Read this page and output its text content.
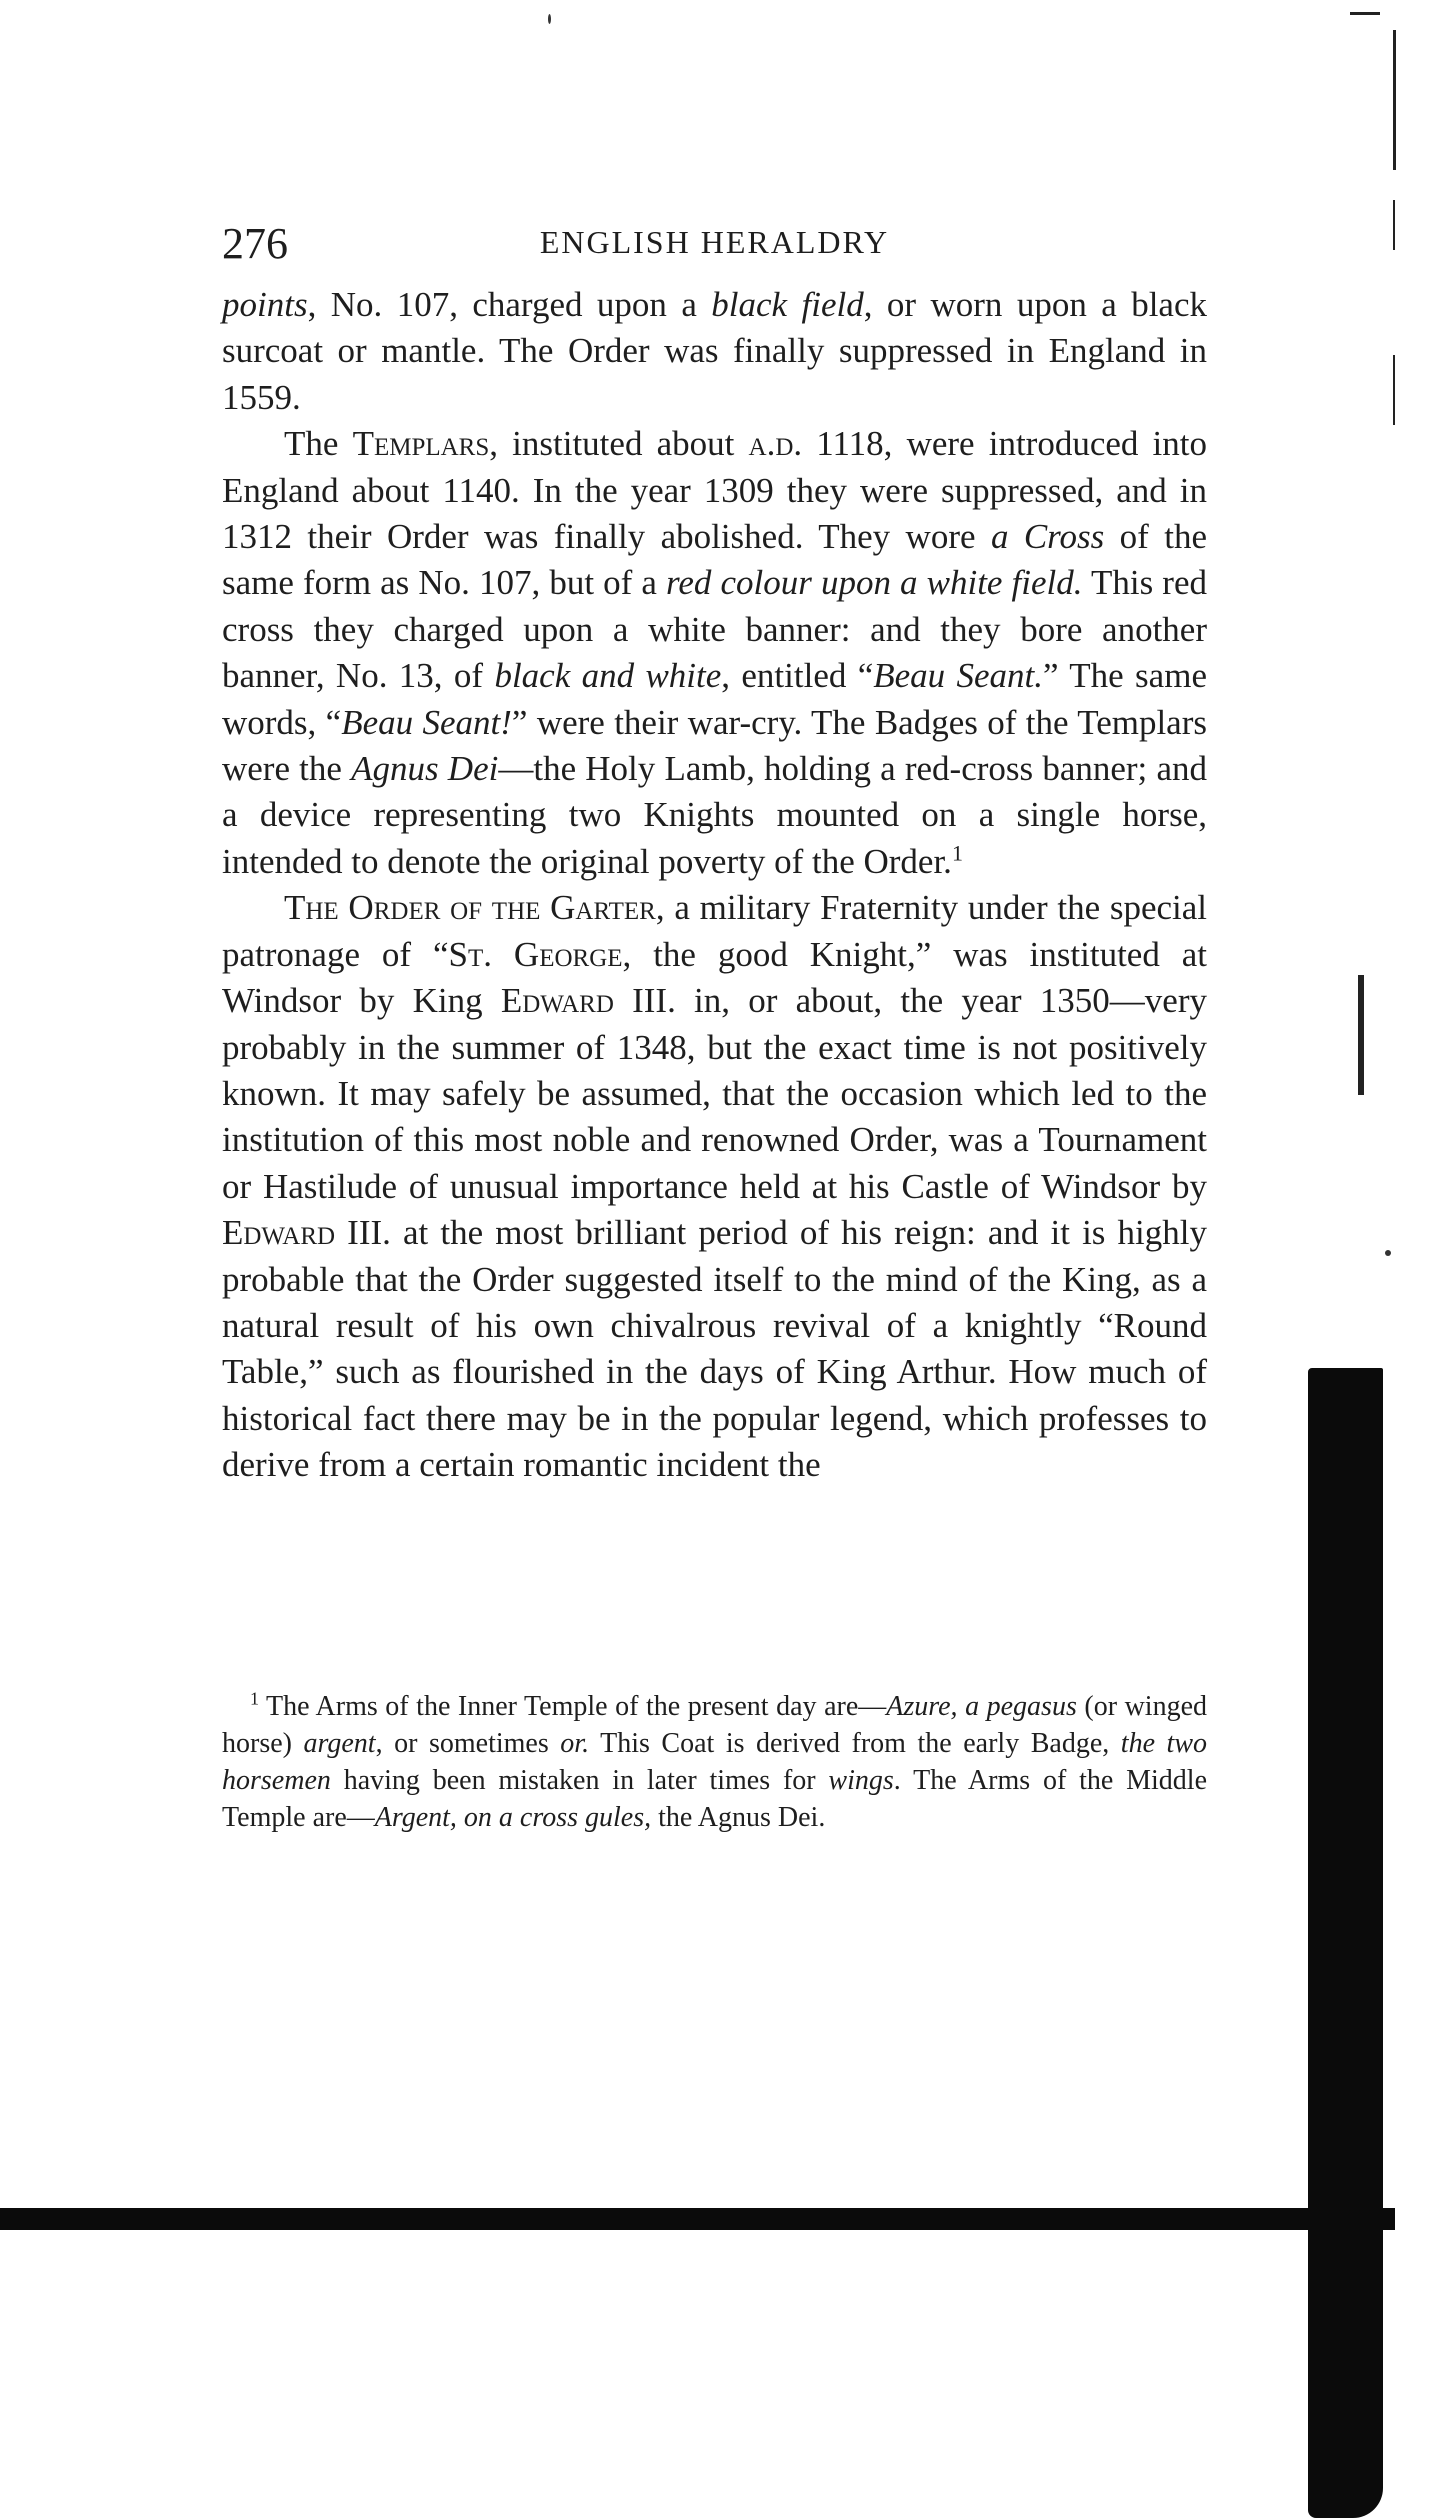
276	ENGLISH HERALDRY

points, No. 107, charged upon a black field, or worn upon a black surcoat or mantle. The Order was finally suppressed in England in 1559.

The Templars, instituted about a.d. 1118, were introduced into England about 1140. In the year 1309 they were suppressed, and in 1312 their Order was finally abolished. They wore a Cross of the same form as No. 107, but of a red colour upon a white field. This red cross they charged upon a white banner: and they bore another banner, No. 13, of black and white, entitled “Beau Seant.” The same words, “Beau Seant!” were their war-cry. The Badges of the Templars were the Agnus Dei—the Holy Lamb, holding a red-cross banner; and a device representing two Knights mounted on a single horse, intended to denote the original poverty of the Order.$^1$

The Order of the Garter, a military Fraternity under the special patronage of “St. George, the good Knight,” was instituted at Windsor by King Edward III. in, or about, the year 1350—very probably in the summer of 1348, but the exact time is not positively known. It may safely be assumed, that the occasion which led to the institution of this most noble and renowned Order, was a Tournament or Hastilude of unusual importance held at his Castle of Windsor by Edward III. at the most brilliant period of his reign: and it is highly probable that the Order suggested itself to the mind of the King, as a natural result of his own chivalrous revival of a knightly “Round Table,” such as flourished in the days of King Arthur. How much of historical fact there may be in the popular legend, which professes to derive from a certain romantic incident the

$^1$ The Arms of the Inner Temple of the present day are—Azure, a pegasus (or winged horse) argent, or sometimes or. This Coat is derived from the early Badge, the two horsemen having been mistaken in later times for wings. The Arms of the Middle Temple are—Argent, on a cross gules, the Agnus Dei.
